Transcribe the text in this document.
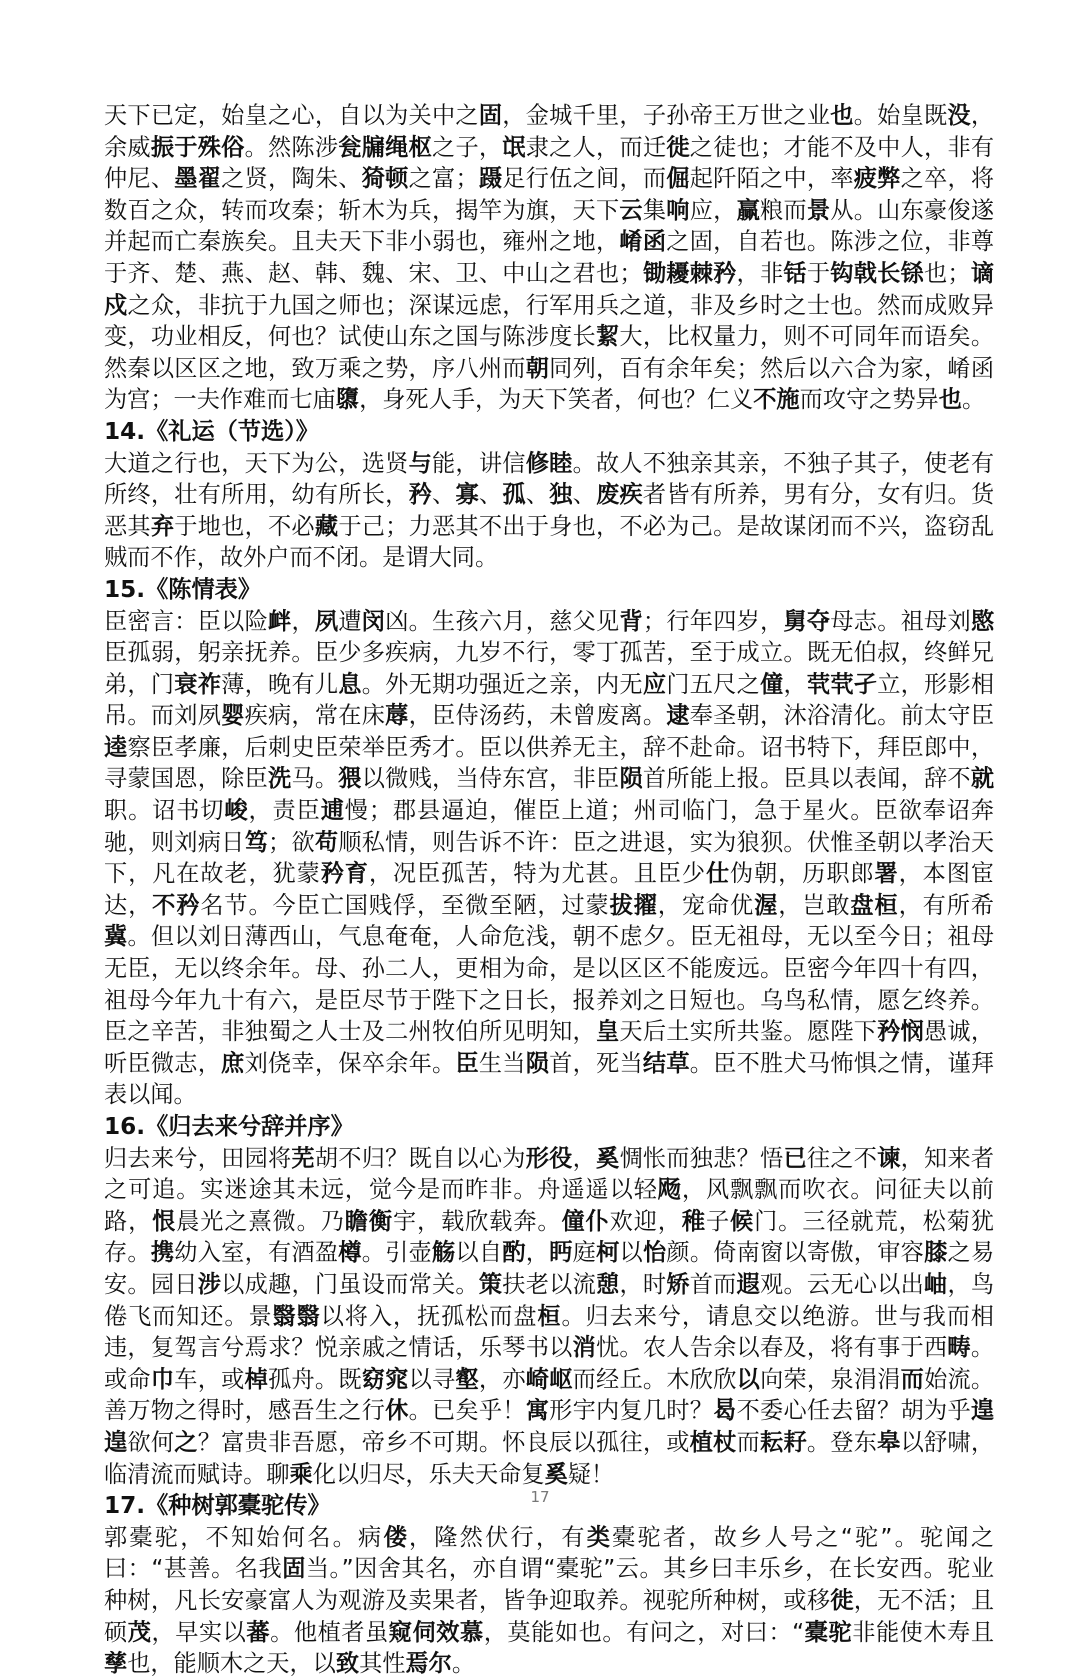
天下已定，始皇之心，自以为关中之固，金城千里，子孙帝王万世之业也。始皇既没，余威振于殊俗。然陈涉瓮牖绳枢之子，氓隶之人，而迁徙之徒也；才能不及中人，非有仲尼、墨翟之贤，陶朱、猗顿之富；蹑足行伍之间，而倔起阡陌之中，率疲弊之卒，将数百之众，转而攻秦；斩木为兵，揭竿为旗，天下云集响应，赢粮而景从。山东豪俊遂并起而亡秦族矣。且夫天下非小弱也，雍州之地，崤函之固，自若也。陈涉之位，非尊于齐、楚、燕、赵、韩、魏、宋、卫、中山之君也；锄耰棘矜，非铦于钩戟长铩也；谪戍之众，非抗于九国之师也；深谋远虑，行军用兵之道，非及乡时之士也。然而成败异变，功业相反，何也？试使山东之国与陈涉度长絜大，比权量力，则不可同年而语矣。然秦以区区之地，致万乘之势，序八州而朝同列，百有余年矣；然后以六合为家，崤函为宫；一夫作难而七庙隳，身死人手，为天下笑者，何也？仁义不施而攻守之势异也。

14.《礼运（节选）》

大道之行也，天下为公，选贤与能，讲信修睦。故人不独亲其亲，不独子其子，使老有所终，壮有所用，幼有所长，矜、寡、孤、独、废疾者皆有所养，男有分，女有归。货恶其弃于地也，不必藏于己；力恶其不出于身也，不必为己。是故谋闭而不兴，盗窃乱贼而不作，故外户而不闭。是谓大同。

15.《陈情表》

臣密言：臣以险衅，夙遭闵凶。生孩六月，慈父见背；行年四岁，舅夺母志。祖母刘愍臣孤弱，躬亲抚养。臣少多疾病，九岁不行，零丁孤苦，至于成立。既无伯叔，终鲜兄弟，门衰祚薄，晚有儿息。外无期功强近之亲，内无应门五尺之僮，茕茕孑立，形影相吊。而刘夙婴疾病，常在床蓐，臣侍汤药，未曾废离。逮奉圣朝，沐浴清化。前太守臣逵察臣孝廉，后刺史臣荣举臣秀才。臣以供养无主，辞不赴命。诏书特下，拜臣郎中，寻蒙国恩，除臣洗马。猥以微贱，当侍东宫，非臣陨首所能上报。臣具以表闻，辞不就职。诏书切峻，责臣逋慢；郡县逼迫，催臣上道；州司临门，急于星火。臣欲奉诏奔驰，则刘病日笃；欲苟顺私情，则告诉不许：臣之进退，实为狼狈。伏惟圣朝以孝治天下，凡在故老，犹蒙矜育，况臣孤苦，特为尤甚。且臣少仕伪朝，历职郎署，本图宦达，不矜名节。今臣亡国贱俘，至微至陋，过蒙拔擢，宠命优渥，岂敢盘桓，有所希冀。但以刘日薄西山，气息奄奄，人命危浅，朝不虑夕。臣无祖母，无以至今日；祖母无臣，无以终余年。母、孙二人，更相为命，是以区区不能废远。臣密今年四十有四，祖母今年九十有六，是臣尽节于陛下之日长，报养刘之日短也。乌鸟私情，愿乞终养。臣之辛苦，非独蜀之人士及二州牧伯所见明知，皇天后土实所共鉴。愿陛下矜悯愚诚，听臣微志，庶刘侥幸，保卒余年。臣生当陨首，死当结草。臣不胜犬马怖惧之情，谨拜表以闻。

16.《归去来兮辞并序》

归去来兮，田园将芜胡不归？既自以心为形役，奚惆怅而独悲？悟已往之不谏，知来者之可追。实迷途其未远，觉今是而昨非。舟遥遥以轻飏，风飘飘而吹衣。问征夫以前路，恨晨光之熹微。乃瞻衡宇，载欣载奔。僮仆欢迎，稚子候门。三径就荒，松菊犹存。携幼入室，有酒盈樽。引壶觞以自酌，眄庭柯以怡颜。倚南窗以寄傲，审容膝之易安。园日涉以成趣，门虽设而常关。策扶老以流憩，时矫首而遐观。云无心以出岫，鸟倦飞而知还。景翳翳以将入，抚孤松而盘桓。归去来兮，请息交以绝游。世与我而相违，复驾言兮焉求？悦亲戚之情话，乐琴书以消忧。农人告余以春及，将有事于西畴。或命巾车，或棹孤舟。既窈窕以寻壑，亦崎岖而经丘。木欣欣以向荣，泉涓涓而始流。善万物之得时，感吾生之行休。已矣乎！寓形宇内复几时？曷不委心任去留？胡为乎遑遑欲何之？富贵非吾愿，帝乡不可期。怀良辰以孤往，或植杖而耘耔。登东皋以舒啸，临清流而赋诗。聊乘化以归尽，乐夫天命复奚疑！

17.《种树郭橐驼传》

郭橐驼，不知始何名。病偻，隆然伏行，有类橐驼者，故乡人号之“驼”。驼闻之曰：“甚善。名我固当。”因舍其名，亦自谓“橐驼”云。其乡曰丰乐乡，在长安西。驼业种树，凡长安豪富人为观游及卖果者，皆争迎取养。视驼所种树，或移徙，无不活；且硕茂，早实以蕃。他植者虽窥伺效慕，莫能如也。有问之，对曰：“橐驼非能使木寿且孳也，能顺木之天，以致其性焉尔。

17
